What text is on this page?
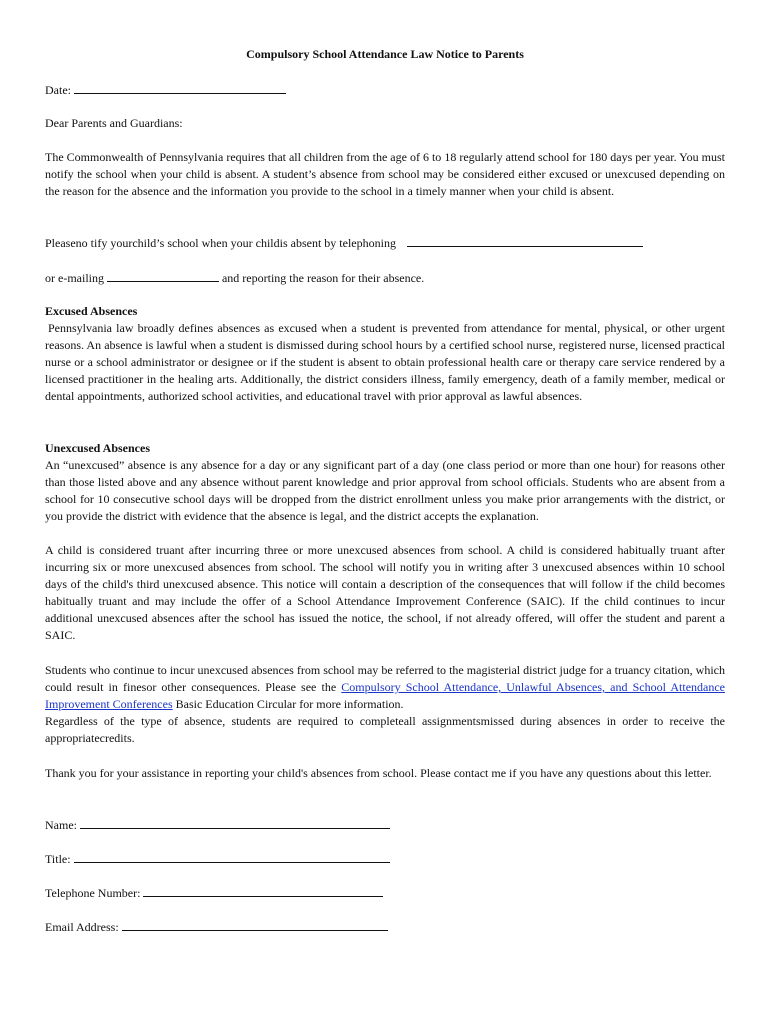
Compulsory School Attendance Law Notice to Parents
Date:
Dear Parents and Guardians:
The Commonwealth of Pennsylvania requires that all children from the age of 6 to 18 regularly attend school for 180 days per year. You must notify the school when your child is absent. A student’s absence from school may be considered either excused or unexcused depending on the reason for the absence and the information you provide to the school in a timely manner when your child is absent.
Pleaseno tify yourchild’s school when your childis absent by telephoning
or e-mailing	and reporting the reason for their absence.
Excused Absences
Pennsylvania law broadly defines absences as excused when a student is prevented from attendance for mental, physical, or other urgent reasons. An absence is lawful when a student is dismissed during school hours by a certified school nurse, registered nurse, licensed practical nurse or a school administrator or designee or if the student is absent to obtain professional health care or therapy care service rendered by a licensed practitioner in the healing arts. Additionally, the district considers illness, family emergency, death of a family member, medical or dental appointments, authorized school activities, and educational travel with prior approval as lawful absences.
Unexcused Absences
An “unexcused” absence is any absence for a day or any significant part of a day (one class period or more than one hour) for reasons other than those listed above and any absence without parent knowledge and prior approval from school officials. Students who are absent from a school for 10 consecutive school days will be dropped from the district enrollment unless you make prior arrangements with the district, or you provide the district with evidence that the absence is legal, and the district accepts the explanation.
A child is considered truant after incurring three or more unexcused absences from school. A child is considered habitually truant after incurring six or more unexcused absences from school. The school will notify you in writing after 3 unexcused absences within 10 school days of the child's third unexcused absence. This notice will contain a description of the consequences that will follow if the child becomes habitually truant and may include the offer of a School Attendance Improvement Conference (SAIC). If the child continues to incur additional unexcused absences after the school has issued the notice, the school, if not already offered, will offer the student and parent a SAIC.
Students who continue to incur unexcused absences from school may be referred to the magisterial district judge for a truancy citation, which could result in finesor other consequences. Please see the Compulsory School Attendance, Unlawful Absences, and School Attendance Improvement Conferences Basic Education Circular for more information.
Regardless of the type of absence, students are required to completeall assignmentsmissed during absences in order to receive the appropriatecredits.
Thank you for your assistance in reporting your child's absences from school. Please contact me if you have any questions about this letter.
Name:
Title:
Telephone Number:
Email Address:
